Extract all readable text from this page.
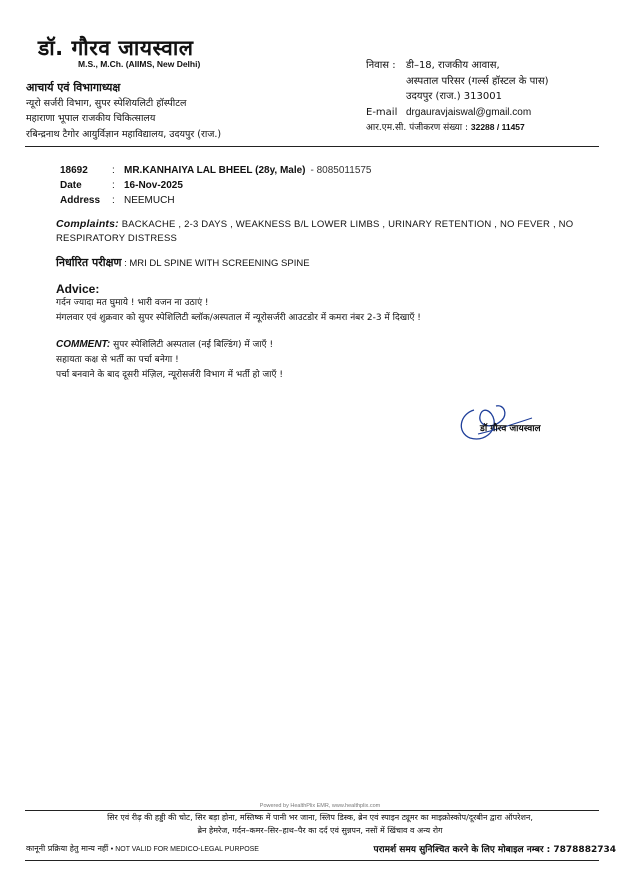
डॉ. गौरव जायस्वाल
M.S., M.Ch. (AIIMS, New Delhi)
आचार्य एवं विभागाध्यक्ष
न्यूरो सर्जरी विभाग, सुपर स्पेशियलिटी हॉस्पीटल
महाराणा भूपाल राजकीय चिकित्सालय
रबिन्द्रनाथ टैगोर आयुर्विज्ञान महाविद्यालय, उदयपुर (राज.)
निवास :	डी–18, राजकीय आवास,
अस्पताल परिसर (गर्ल्स हॉस्टल के पास)
उदयपुर (राज.) 313001
E-mail drgauravjaiswal@gmail.com
आर.एम.सी. पंजीकरण संख्या : 32288 / 11457
18692	: MR.KANHAIYA LAL BHEEL (28y, Male) - 8085011575
Date	: 16-Nov-2025
Address	: NEEMUCH
Complaints: BACKACHE , 2-3 DAYS , WEAKNESS B/L LOWER LIMBS , URINARY RETENTION , NO FEVER , NO RESPIRATORY DISTRESS
निर्धारित परीक्षण : MRI DL SPINE WITH SCREENING SPINE
Advice:
गर्दन ज्यादा मत घुमाये ! भारी वजन ना उठाएं !
मंगलवार एवं शुक्रवार को सुपर स्पेशिलिटी ब्लॉक/अस्पताल में न्यूरोसर्जरी आउटडोर में कमरा नंबर 2-3 में दिखाएँ !
COMMENT: सुपर स्पेशिलिटी अस्पताल (नई बिल्डिंग) में जाएँ !
सहायता कक्ष से भर्ती का पर्चा बनेगा !
पर्चा बनवाने के बाद दूसरी मंज़िल, न्यूरोसर्जरी विभाग में भर्ती हो जाएँ !
डॉ गौरव जायस्वाल
Powered by HealthPlix EMR, www.healthplix.com
सिर एवं रीढ़ की हड्डी की चोट, सिर बड़ा होना, मस्तिष्क में पानी भर जाना, स्लिप डिस्क, ब्रेन एवं स्पाइन ट्यूमर का माइक्रोस्कोप/दूरबीन द्वारा ऑपरेशन,
ब्रेन हेमरेज, गर्दन–कमर–सिर–हाथ–पैर का दर्द एवं सुन्नपन, नसों में खिंचाव व अन्य रोग
कानूनी प्रक्रिया हेतु मान्य नहीं • NOT VALID FOR MEDICO-LEGAL PURPOSE	परामर्श समय सुनिश्चित करने के लिए मोबाइल नम्बर : 7878882734
